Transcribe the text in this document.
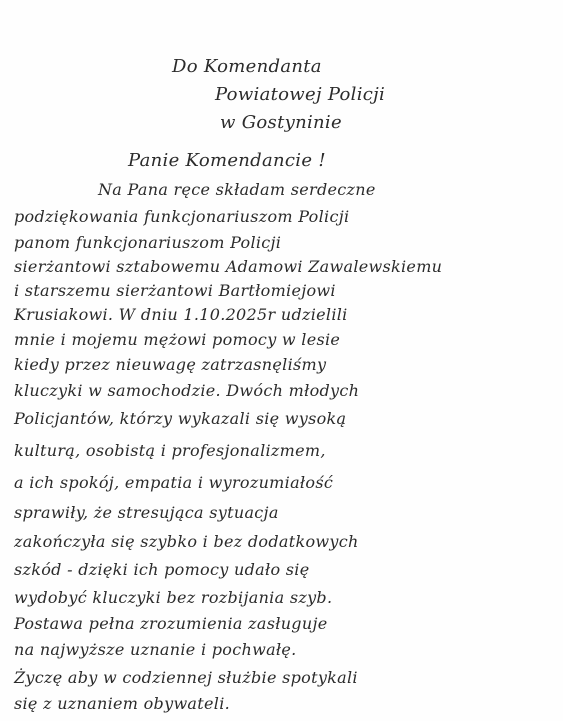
Do Komendanta
Powiatowej Policji
w Gostyninie
Panie Komendancie !
Na Pana ręce składam serdeczne
podziękowania funkcjonariuszom Policji
panom funkcjonariuszom Policji
sierżantowi sztabowemu Adamowi Zawalewskiemu
i starszemu sierżantowi Bartłomiejowi
Krusiakowi. W dniu 1.10.2025r udzielili
mnie i mojemu mężowi pomocy w lesie
kiedy przez nieuwagę zatrzasnęliśmy
kluczyki w samochodzie. Dwóch młodych
Policjantów, którzy wykazali się wysoką
kulturą, osobistą i profesjonalizmem,
a ich spokój, empatia i wyrozumiałość
sprawiły, że stresująca sytuacja
zakończyła się szybko i bez dodatkowych
szkód - dzięki ich pomocy udało się
wydobyć kluczyki bez rozbijania szyb.
Postawa pełna zrozumienia zasługuje
na najwyższe uznanie i pochwałę.
Życzę aby w codziennej służbie spotykali
się z uznaniem obywateli.
